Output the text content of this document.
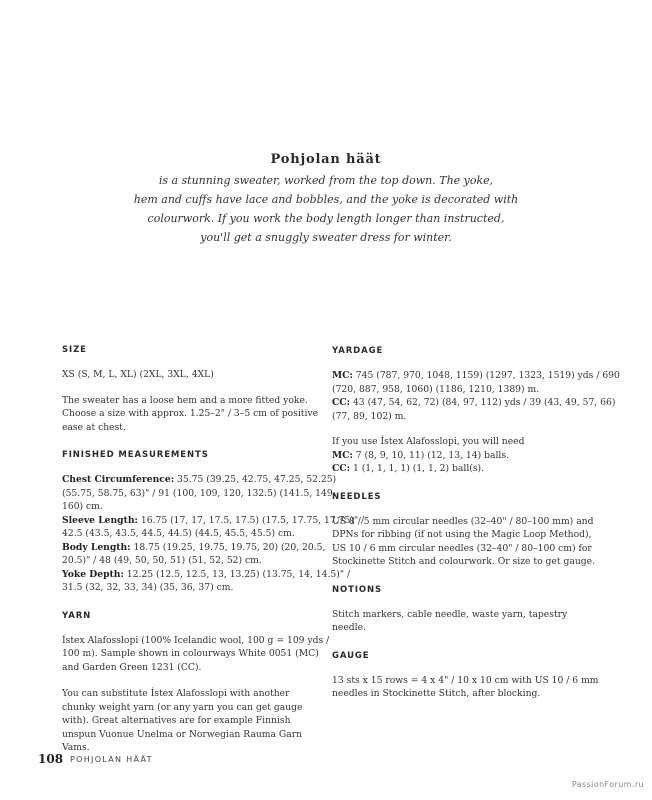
Pohjolan häät
is a stunning sweater, worked from the top down. The yoke,
hem and cuffs have lace and bobbles, and the yoke is decorated with
colourwork. If you work the body length longer than instructed,
you'll get a snuggly sweater dress for winter.
SIZE
XS (S, M, L, XL) (2XL, 3XL, 4XL)
The sweater has a loose hem and a more fitted yoke.
Choose a size with approx. 1.25–2" / 3–5 cm of positive
ease at chest.
FINISHED MEASUREMENTS
Chest Circumference: 35.75 (39.25, 42.75, 47.25, 52.25)
(55.75, 58.75, 63)" / 91 (100, 109, 120, 132.5) (141.5, 149,
160) cm.
Sleeve Length: 16.75 (17, 17, 17.5, 17.5) (17.5, 17.75, 17.75)" /
42.5 (43.5, 43.5, 44.5, 44.5) (44.5, 45.5, 45.5) cm.
Body Length: 18.75 (19.25, 19.75, 19.75, 20) (20, 20.5,
20.5)" / 48 (49, 50, 50, 51) (51, 52, 52) cm.
Yoke Depth: 12.25 (12.5, 12.5, 13, 13.25) (13.75, 14, 14.5)" /
31.5 (32, 32, 33, 34) (35, 36, 37) cm.
YARN
Ístex Alafosslopi (100% Icelandic wool, 100 g = 109 yds /
100 m). Sample shown in colourways White 0051 (MC)
and Garden Green 1231 (CC).
You can substitute Ístex Alafosslopi with another
chunky weight yarn (or any yarn you can get gauge
with). Great alternatives are for example Finnish
unspun Vuonue Unelma or Norwegian Rauma Garn
Vams.
YARDAGE
MC: 745 (787, 970, 1048, 1159) (1297, 1323, 1519) yds / 690
(720, 887, 958, 1060) (1186, 1210, 1389) m.
CC: 43 (47, 54, 62, 72) (84, 97, 112) yds / 39 (43, 49, 57, 66)
(77, 89, 102) m.
If you use Ístex Alafosslopi, you will need
MC: 7 (8, 9, 10, 11) (12, 13, 14) balls.
CC: 1 (1, 1, 1, 1) (1, 1, 2) ball(s).
NEEDLES
US 8 / 5 mm circular needles (32–40" / 80–100 mm) and
DPNs for ribbing (if not using the Magic Loop Method),
US 10 / 6 mm circular needles (32–40" / 80–100 cm) for
Stockinette Stitch and colourwork. Or size to get gauge.
NOTIONS
Stitch markers, cable needle, waste yarn, tapestry
needle.
GAUGE
13 sts x 15 rows = 4 x 4" / 10 x 10 cm with US 10 / 6 mm
needles in Stockinette Stitch, after blocking.
108 POHJOLAN HÄÄT
PassionForum.ru
